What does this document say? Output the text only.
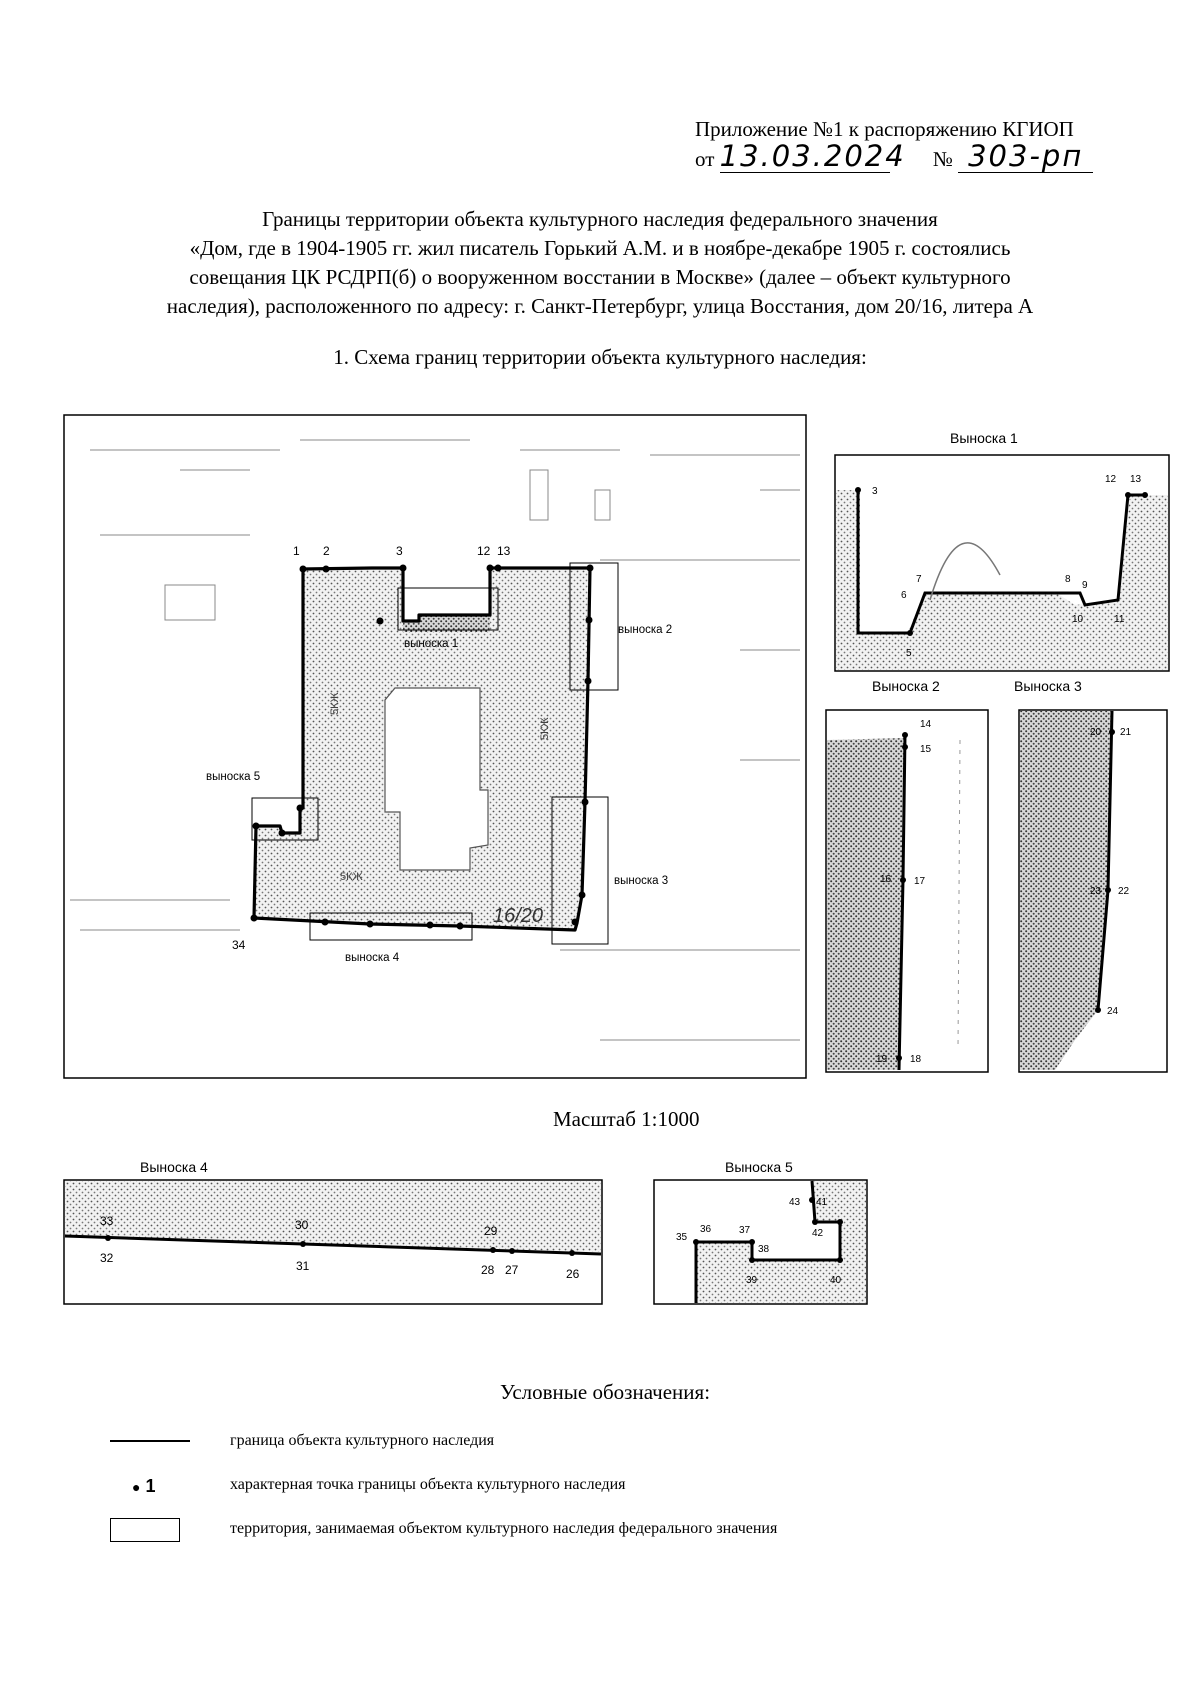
Приложение №1 к распоряжению КГИОП
от 13.03.2024 № 303-рп
Границы территории объекта культурного наследия федерального значения
«Дом, где в 1904-1905 гг. жил писатель Горький А.М. и в ноябре-декабре 1905 г. состоялись
совещания ЦК РСДРП(б) о вооруженном восстании в Москве» (далее – объект культурного
наследия), расположенного по адресу: г. Санкт-Петербург, улица Восстания, дом 20/16, литера А
1. Схема границ территории объекта культурного наследия:
5КЖ
5КЖ
5КЖ
16/20
1 2	3	12 13
34
выноска 1
выноска 2
выноска 3
выноска 4
выноска 5
Выноска 1
3
5
6
7	8
9
10	11
12 13
Выноска 2
14
15
16 17
18
19
Выноска 3
20 21
22
23
24
Выноска 4
26
27
28
29
30
31
32
33
Выноска 5
35
36	37
38
39	40
41
42
43
Масштаб 1:1000
Условные обозначения:
граница объекта культурного наследия
● 1	характерная точка границы объекта культурного наследия
территория, занимаемая объектом культурного наследия федерального значения
